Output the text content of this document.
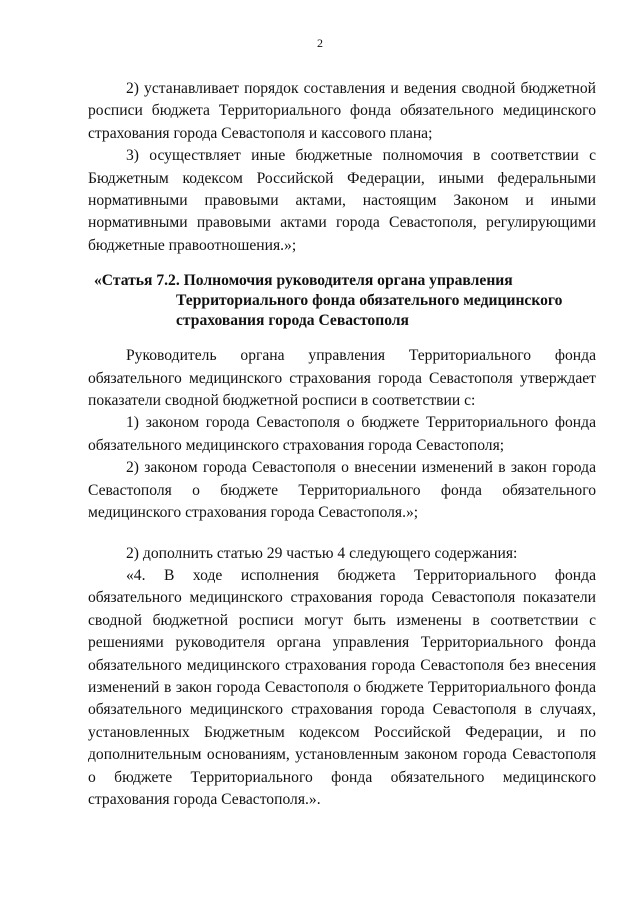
2

2) устанавливает порядок составления и ведения сводной бюджетной росписи бюджета Территориального фонда обязательного медицинского страхования города Севастополя и кассового плана;

3) осуществляет иные бюджетные полномочия в соответствии с Бюджетным кодексом Российской Федерации, иными федеральными нормативными правовыми актами, настоящим Законом и иными нормативными правовыми актами города Севастополя, регулирующими бюджетные правоотношения.»;

«Статья 7.2. Полномочия руководителя органа управления
Территориального фонда обязательного медицинского
страхования города Севастополя

Руководитель органа управления Территориального фонда обязательного медицинского страхования города Севастополя утверждает показатели сводной бюджетной росписи в соответствии с:

1) законом города Севастополя о бюджете Территориального фонда обязательного медицинского страхования города Севастополя;

2) законом города Севастополя о внесении изменений в закон города Севастополя о бюджете Территориального фонда обязательного медицинского страхования города Севастополя.»;

2) дополнить статью 29 частью 4 следующего содержания:

«4. В ходе исполнения бюджета Территориального фонда обязательного медицинского страхования города Севастополя показатели сводной бюджетной росписи могут быть изменены в соответствии с решениями руководителя органа управления Территориального фонда обязательного медицинского страхования города Севастополя без внесения изменений в закон города Севастополя о бюджете Территориального фонда обязательного медицинского страхования города Севастополя в случаях, установленных Бюджетным кодексом Российской Федерации, и по дополнительным основаниям, установленным законом города Севастополя о бюджете Территориального фонда обязательного медицинского страхования города Севастополя.».
